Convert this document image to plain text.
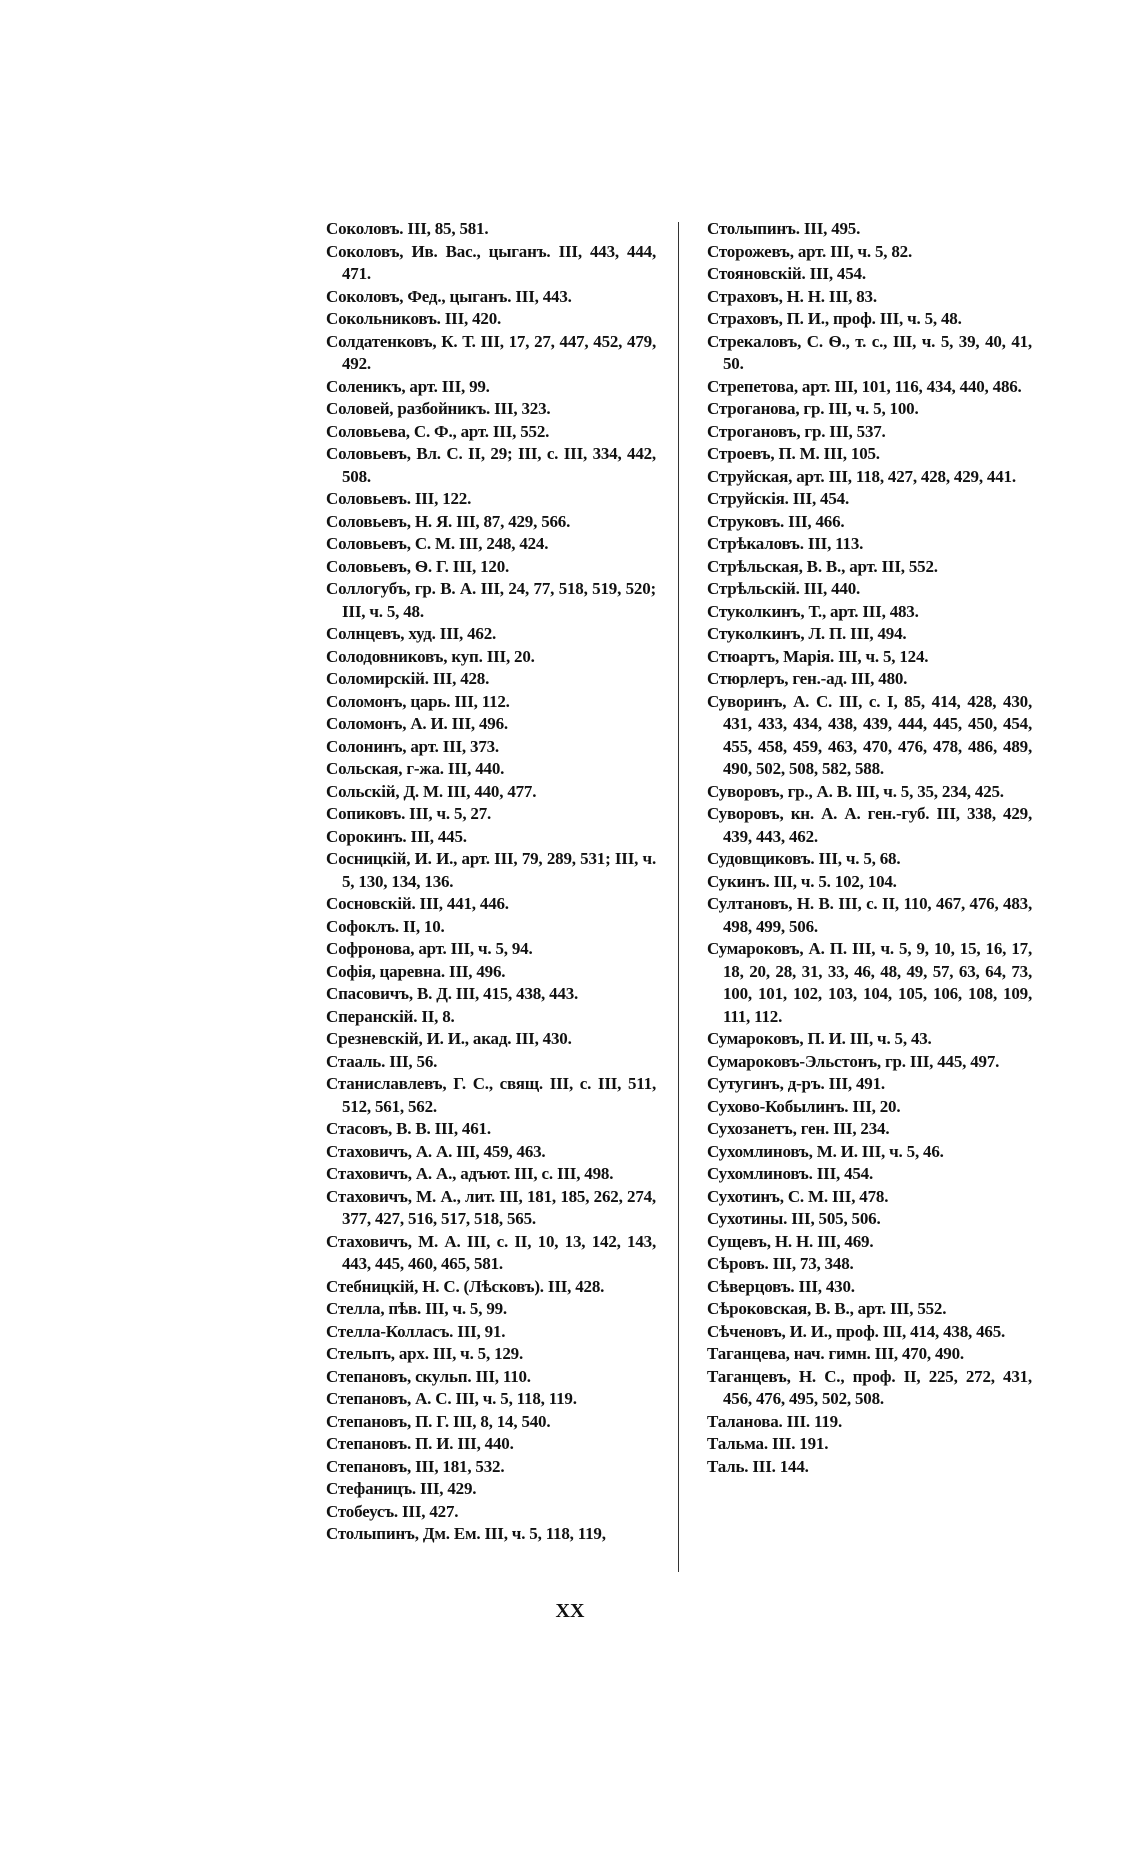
Соколовъ. III, 85, 581.
Соколовъ, Ив. Вас., цыганъ. III, 443, 444, 471.
Соколовъ, Фед., цыганъ. III, 443.
Сокольниковъ. III, 420.
Солдатенковъ, К. Т. III, 17, 27, 447, 452, 479, 492.
Соленикъ, арт. III, 99.
Соловей, разбойникъ. III, 323.
Соловьева, С. Ф., арт. III, 552.
Соловьевъ, Вл. С. II, 29; III, с. III, 334, 442, 508.
Соловьевъ. III, 122.
Соловьевъ, Н. Я. III, 87, 429, 566.
Соловьевъ, С. М. III, 248, 424.
Соловьевъ, Ѳ. Г. III, 120.
Соллогубъ, гр. В. А. III, 24, 77, 518, 519, 520; III, ч. 5, 48.
Солнцевъ, худ. III, 462.
Солодовниковъ, куп. III, 20.
Соломирскій. III, 428.
Соломонъ, царь. III, 112.
Соломонъ, А. И. III, 496.
Солонинъ, арт. III, 373.
Сольская, г-жа. III, 440.
Сольскій, Д. М. III, 440, 477.
Сопиковъ. III, ч. 5, 27.
Сорокинъ. III, 445.
Сосницкій, И. И., арт. III, 79, 289, 531; III, ч. 5, 130, 134, 136.
Сосновскій. III, 441, 446.
Софоклъ. II, 10.
Софронова, арт. III, ч. 5, 94.
Софія, царевна. III, 496.
Спасовичъ, В. Д. III, 415, 438, 443.
Сперанскій. II, 8.
Срезневскій, И. И., акад. III, 430.
Стааль. III, 56.
Станиславлевъ, Г. С., свящ. III, с. III, 511, 512, 561, 562.
Стасовъ, В. В. III, 461.
Стаховичъ, А. А. III, 459, 463.
Стаховичъ, А. А., адъют. III, с. III, 498.
Стаховичъ, М. А., лит. III, 181, 185, 262, 274, 377, 427, 516, 517, 518, 565.
Стаховичъ, М. А. III, с. II, 10, 13, 142, 143, 443, 445, 460, 465, 581.
Стебницкій, Н. С. (Лѣсковъ). III, 428.
Стелла, пѣв. III, ч. 5, 99.
Стелла-Колласъ. III, 91.
Стельпъ, арх. III, ч. 5, 129.
Степановъ, скульп. III, 110.
Степановъ, А. С. III, ч. 5, 118, 119.
Степановъ, П. Г. III, 8, 14, 540.
Степановъ. П. И. III, 440.
Степановъ, III, 181, 532.
Стефаницъ. III, 429.
Стобеусъ. III, 427.
Столыпинъ, Дм. Ем. III, ч. 5, 118, 119,
Столыпинъ. III, 495.
Сторожевъ, арт. III, ч. 5, 82.
Стояновскій. III, 454.
Страховъ, Н. Н. III, 83.
Страховъ, П. И., проф. III, ч. 5, 48.
Стрекаловъ, С. Ѳ., т. с., III, ч. 5, 39, 40, 41, 50.
Стрепетова, арт. III, 101, 116, 434, 440, 486.
Строганова, гр. III, ч. 5, 100.
Строгановъ, гр. III, 537.
Строевъ, П. М. III, 105.
Струйская, арт. III, 118, 427, 428, 429, 441.
Струйскія. III, 454.
Струковъ. III, 466.
Стрѣкаловъ. III, 113.
Стрѣльская, В. В., арт. III, 552.
Стрѣльскій. III, 440.
Стуколкинъ, Т., арт. III, 483.
Стуколкинъ, Л. П. III, 494.
Стюартъ, Марія. III, ч. 5, 124.
Стюрлеръ, ген.-ад. III, 480.
Суворинъ, А. С. III, с. I, 85, 414, 428, 430, 431, 433, 434, 438, 439, 444, 445, 450, 454, 455, 458, 459, 463, 470, 476, 478, 486, 489, 490, 502, 508, 582, 588.
Суворовъ, гр., А. В. III, ч. 5, 35, 234, 425.
Суворовъ, кн. А. А. ген.-губ. III, 338, 429, 439, 443, 462.
Судовщиковъ. III, ч. 5, 68.
Сукинъ. III, ч. 5. 102, 104.
Султановъ, Н. В. III, с. II, 110, 467, 476, 483, 498, 499, 506.
Сумароковъ, А. П. III, ч. 5, 9, 10, 15, 16, 17, 18, 20, 28, 31, 33, 46, 48, 49, 57, 63, 64, 73, 100, 101, 102, 103, 104, 105, 106, 108, 109, 111, 112.
Сумароковъ, П. И. III, ч. 5, 43.
Сумароковъ-Эльстонъ, гр. III, 445, 497.
Сутугинъ, д-ръ. III, 491.
Сухово-Кобылинъ. III, 20.
Сухозанетъ, ген. III, 234.
Сухомлиновъ, М. И. III, ч. 5, 46.
Сухомлиновъ. III, 454.
Сухотинъ, С. М. III, 478.
Сухотины. III, 505, 506.
Сущевъ, Н. Н. III, 469.
Сѣровъ. III, 73, 348.
Сѣверцовъ. III, 430.
Сѣроковская, В. В., арт. III, 552.
Сѣченовъ, И. И., проф. III, 414, 438, 465.
Таганцева, нач. гимн. III, 470, 490.
Таганцевъ, Н. С., проф. II, 225, 272, 431, 456, 476, 495, 502, 508.
Таланова. III. 119.
Тальма. III. 191.
Таль. III. 144.
XX
